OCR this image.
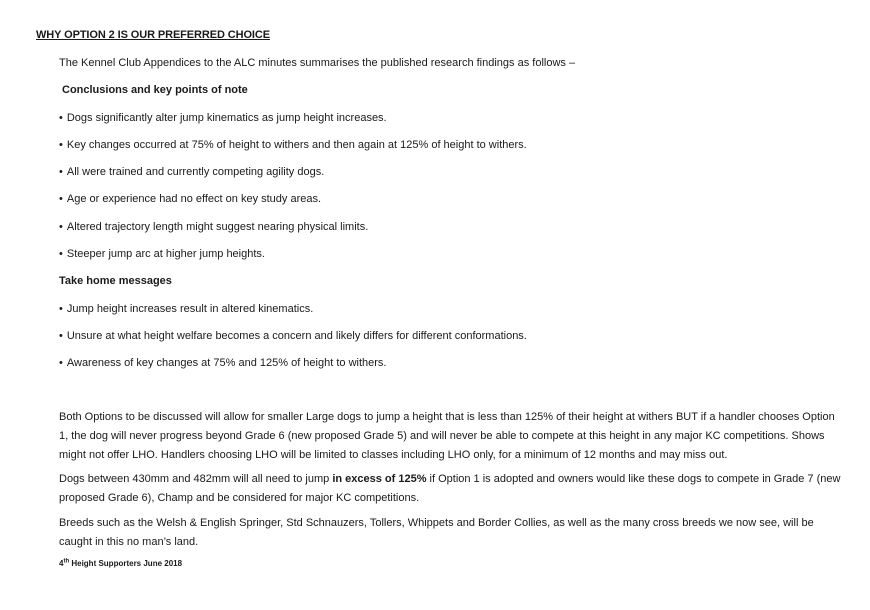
WHY OPTION 2 IS OUR PREFERRED CHOICE
The Kennel Club Appendices to the ALC minutes summarises the published research findings as follows –
Conclusions and key points of note
• Dogs significantly alter jump kinematics as jump height increases.
• Key changes occurred at 75% of height to withers and then again at 125% of height to withers.
• All were trained and currently competing agility dogs.
• Age or experience had no effect on key study areas.
• Altered trajectory length might suggest nearing physical limits.
• Steeper jump arc at higher jump heights.
Take home messages
• Jump height increases result in altered kinematics.
• Unsure at what height welfare becomes a concern and likely differs for different conformations.
• Awareness of key changes at 75% and 125% of height to withers.
Both Options to be discussed will allow for smaller Large dogs to jump a height that is less than 125% of their height at withers BUT if a handler chooses Option 1, the dog will never progress beyond Grade 6 (new proposed Grade 5) and will never be able to compete at this height in any major KC competitions. Shows might not offer LHO. Handlers choosing LHO will be limited to classes including LHO only, for a minimum of 12 months and may miss out.
Dogs between 430mm and 482mm will all need to jump in excess of 125% if Option 1 is adopted and owners would like these dogs to compete in Grade 7 (new proposed Grade 6), Champ and be considered for major KC competitions.
Breeds such as the Welsh & English Springer, Std Schnauzers, Tollers, Whippets and Border Collies, as well as the many cross breeds we now see, will be caught in this no man’s land.
4th Height Supporters June 2018
